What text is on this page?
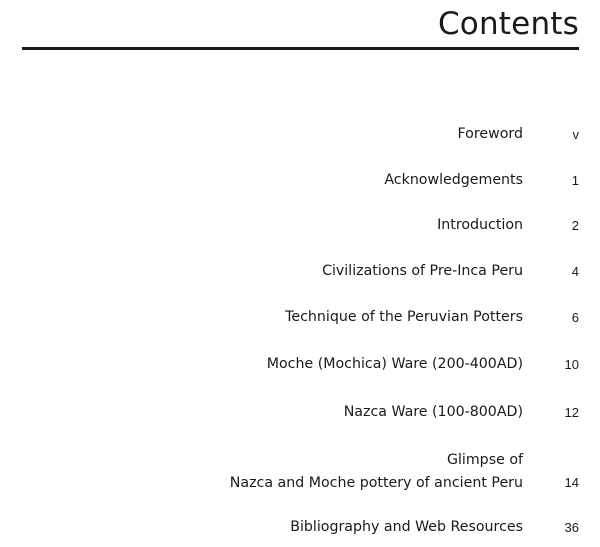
Contents
Foreword	v
Acknowledgements	1
Introduction	2
Civilizations of Pre-Inca Peru	4
Technique of the Peruvian Potters	6
Moche (Mochica) Ware (200-400AD)	10
Nazca Ware (100-800AD)	12
Glimpse of
Nazca and Moche pottery of ancient Peru	14
Bibliography and Web Resources	36
